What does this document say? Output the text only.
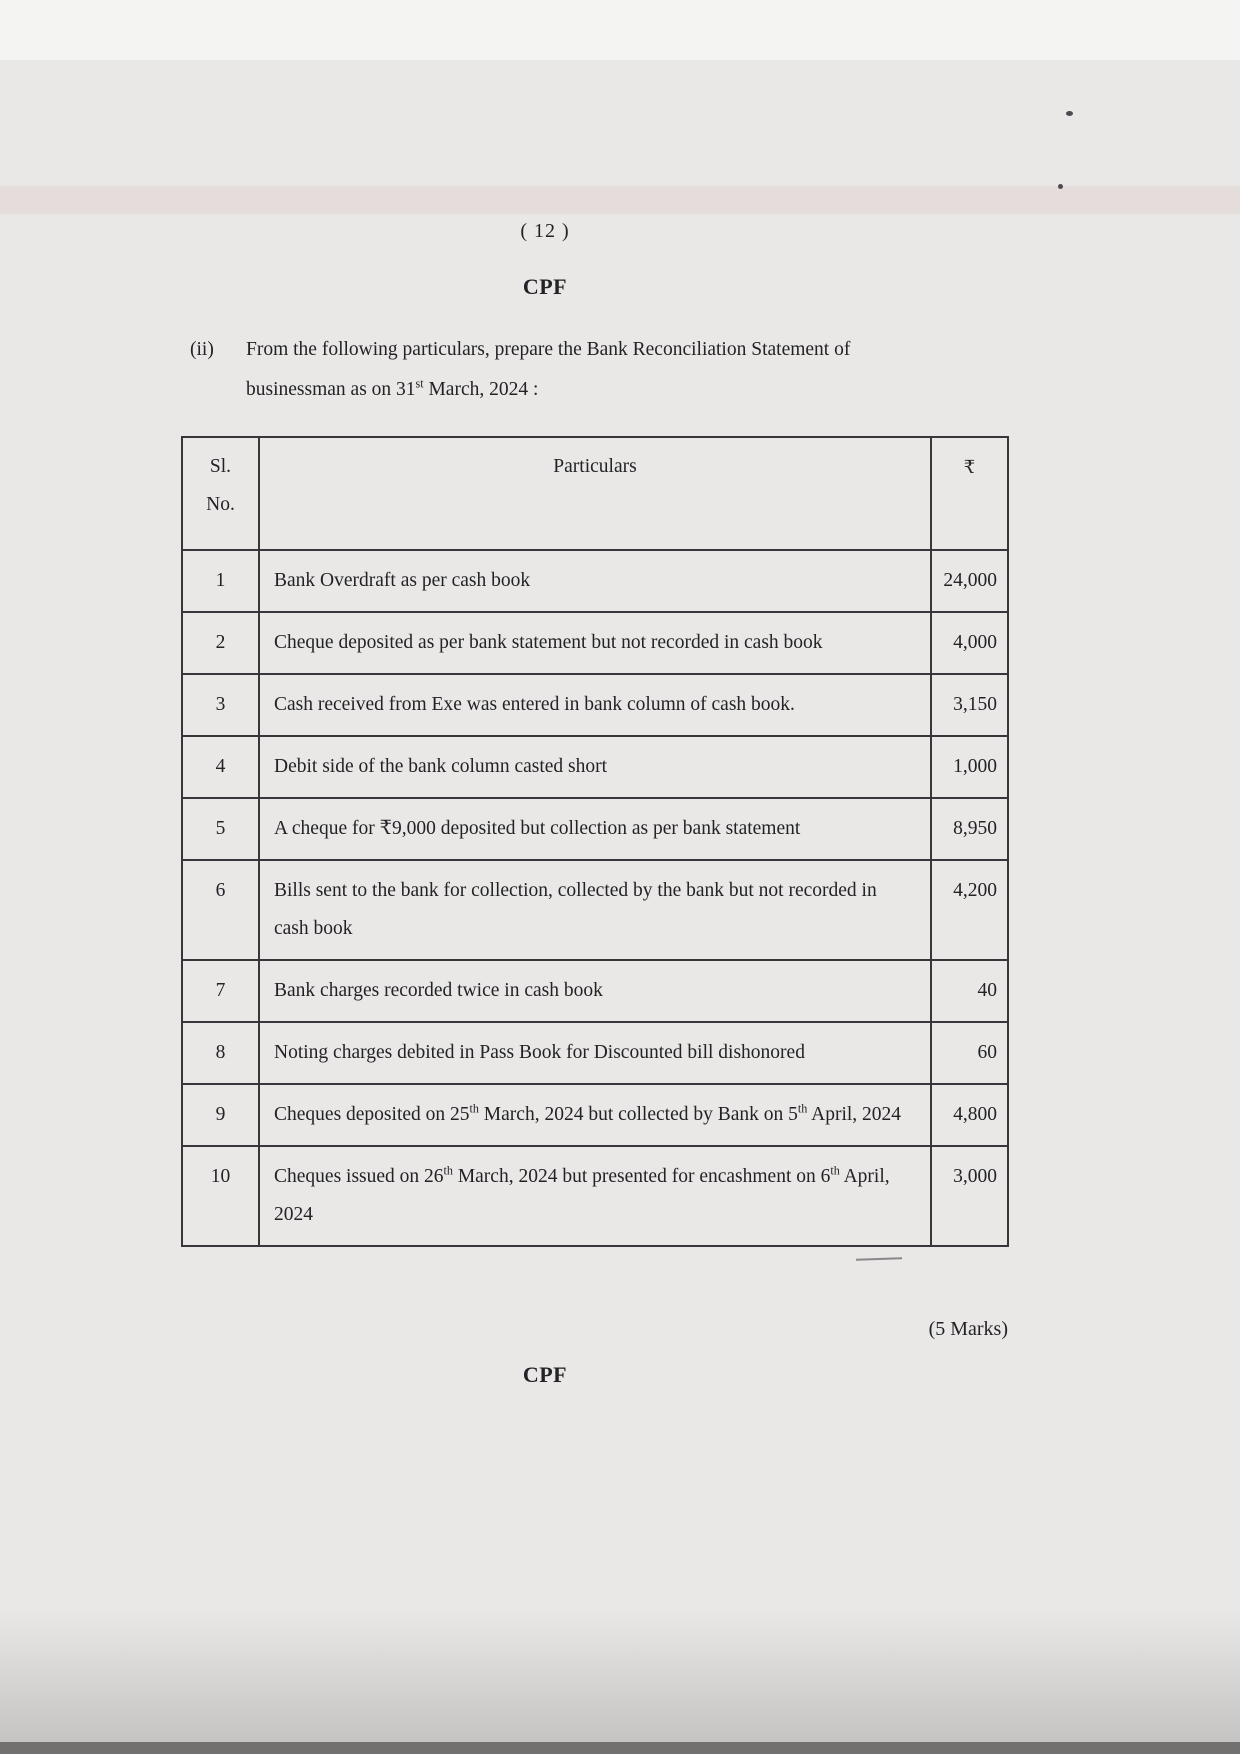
( 12 )
CPF
(ii)	From the following particulars, prepare the Bank Reconciliation Statement of
businessman as on 31st March, 2024 :
Sl.
No.	Particulars	₹
1	Bank Overdraft as per cash book	24,000
2	Cheque deposited as per bank statement but not recorded in cash book	4,000
3	Cash received from Exe was entered in bank column of cash book.	3,150
4	Debit side of the bank column casted short	1,000
5	A cheque for ₹9,000 deposited but collection as per bank statement	8,950
6	Bills sent to the bank for collection, collected by the bank but not recorded in cash book	4,200
7	Bank charges recorded twice in cash book	40
8	Noting charges debited in Pass Book for Discounted bill dishonored	60
9	Cheques deposited on 25th March, 2024 but collected by Bank on 5th April, 2024	4,800
10	Cheques issued on 26th March, 2024 but presented for encashment on 6th April, 2024	3,000
(5 Marks)
CPF
